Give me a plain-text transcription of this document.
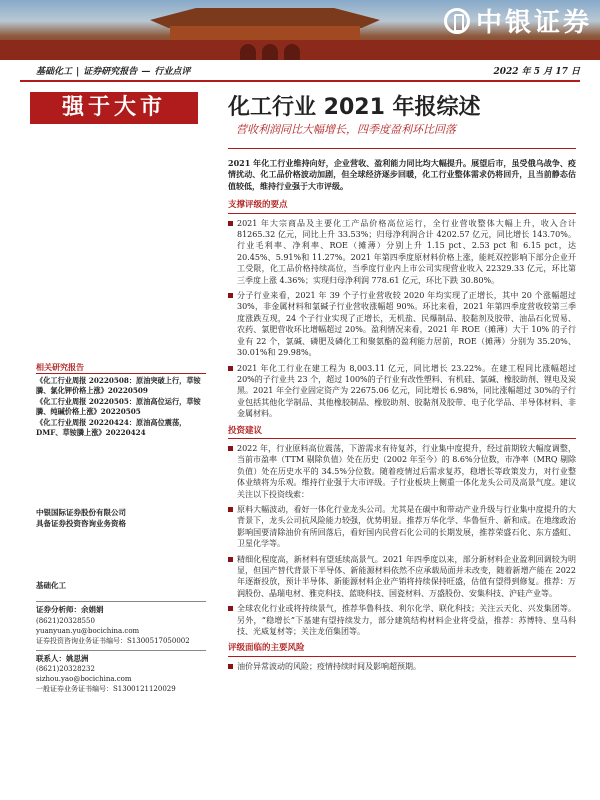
中银证券
基础化工 | 证券研究报告 — 行业点评	2022 年 5 月 17 日
强于大市	化工行业 2021 年报综述
营收利润同比大幅增长，四季度盈利环比回落

2021 年化工行业维持向好，企业营收、盈利能力同比均大幅提升。展望后市，虽受俄乌战争、疫情扰动、化工品价格波动加剧，但全球经济逐步回暖，化工行业整体需求仍将回升，且当前静态估值较低，维持行业强于大市评级。

支撑评级的要点

2021 年大宗商品及主要化工产品价格高位运行，全行业营收整体大幅上升，收入合计 81265.32 亿元，同比上升 33.53%；归母净利润合计 4202.57 亿元，同比增长 143.70%。行业毛利率、净利率、ROE（摊薄）分别上升 1.15 pct、2.53 pct 和 6.15 pct，达 20.45%、5.91%和 11.27%。2021 年第四季度原材料价格上涨，能耗双控影响下部分企业开工受限，化工品价格持续高位，当季度行业内上市公司实现营业收入 22329.33 亿元，环比第三季度上涨 4.36%；实现归母净利润 778.61 亿元，环比下跌 30.80%。

分子行业来看，2021 年 39 个子行业营收较 2020 年均实现了正增长，其中 20 个涨幅超过 30%，非金属材料和氯碱子行业营收涨幅超 90%。环比来看，2021 年第四季度营收较第三季度涨跌互现，24 个子行业实现了正增长，无机盐、民爆制品、胶黏剂及胶带、油品石化贸易、农药、氯肥营收环比增幅超过 20%。盈利情况来看，2021 年 ROE（摊薄）大于 10% 的子行业有 22 个，氯碱、磷肥及磷化工和聚氨酯的盈利能力居前，ROE（摊薄）分别为 35.20%、30.01%和 29.98%。

2021 年化工行业在建工程为 8,003.11 亿元，同比增长 23.22%。在建工程同比涨幅超过 20%的子行业共 23 个，超过 100%的子行业有改性塑料、有机硅、氯碱、橡胶助剂、锂电及炭黑。2021 年全行业固定资产为 22675.06 亿元，同比增长 6.98%，同比涨幅超过 30%的子行业包括其他化学制品、其他橡胶制品、橡胶助剂、胶黏剂及胶带、电子化学品、半导体材料、非金属材料。

投资建议

2022 年，行业原料高位震荡，下游需求有待复苏，行业集中度提升，经过前期较大幅度调整，当前市盈率（TTM 剔除负值）处在历史（2002 年至今）的 8.6%分位数，市净率（MRQ 剔除负值）处在历史水平的 34.5%分位数。随着疫情过后需求复苏，稳增长等政策发力，对行业整体业绩将为乐观。维持行业强于大市评级。子行业板块上侧重一体化龙头公司及高景气度。建议关注以下投资线索：

原料大幅波动，看好一体化行业龙头公司。尤其是在碳中和带动产业升级与行业集中度提升的大背景下，龙头公司抗风险能力较强，优势明显。推荐万华化学、华鲁恒升、新和成。在地缘政治影响国要清除油价有所回落后，看好国内民营石化公司的长期发展，推荐荣盛石化、东方盛虹、卫星化学等。

精细化程度高，新材料有望延续高景气。2021 年四季度以来，部分新材料企业盈利回调较为明显，但国产替代背景下半导体、新能源材料依然不应承载局面并未改变，随着新增产能在 2022 年逐渐投放，预计半导体、新能源材料企业产销将持续保持旺盛，估值有望得到修复。推荐：万润股份、晶瑞电材、雅克科技、蓝晓科技、国瓷材料、万盛股份、安集科技、沪硅产业等。

全球农化行业或将持续景气，推荐华鲁科技、利尔化学、联化科技；关注云天化、兴发集团等。另外，“稳增长”下基建有望持续发力，部分建筑结构材料企业将受益，推荐：苏博特、皇马科技、光威复材等；关注龙佰集团等。

评级面临的主要风险

油价异常波动的风险；疫情持续时间及影响超预期。

相关研究报告

《化工行业周报 20220508：原油突破上行，草铵膦、氯化钾价格上涨》20220509

《化工行业周报 20220505：原油高位运行，草铵膦、纯碱价格上涨》20220505

《化工行业周报 20220424：原油高位震荡，DMF、草铵膦上涨》20220424

中银国际证券股份有限公司
具备证券投资咨询业务资格
基础化工
证券分析师：余娟娟

(8621)20328550

yuanyuan.yu@bocichina.com

证券投资咨询业务证书编号：S1300517050002

联系人：姚思洲

(8621)20328232

sizhou.yao@bocichina.com

一般证券业务证书编号：S1300121120029
